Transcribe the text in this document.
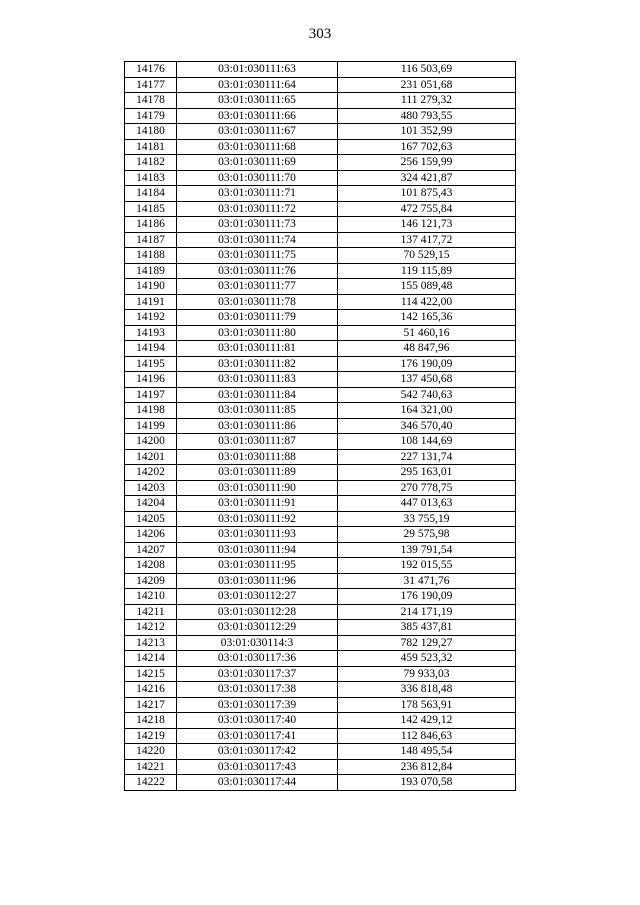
303
14176	03:01:030111:63	116 503,69
14177	03:01:030111:64	231 051,68
14178	03:01:030111:65	111 279,32
14179	03:01:030111:66	480 793,55
14180	03:01:030111:67	101 352,99
14181	03:01:030111:68	167 702,63
14182	03:01:030111:69	256 159,99
14183	03:01:030111:70	324 421,87
14184	03:01:030111:71	101 875,43
14185	03:01:030111:72	472 755,84
14186	03:01:030111:73	146 121,73
14187	03:01:030111:74	137 417,72
14188	03:01:030111:75	70 529,15
14189	03:01:030111:76	119 115,89
14190	03:01:030111:77	155 089,48
14191	03:01:030111:78	114 422,00
14192	03:01:030111:79	142 165,36
14193	03:01:030111:80	51 460,16
14194	03:01:030111:81	48 847,96
14195	03:01:030111:82	176 190,09
14196	03:01:030111:83	137 450,68
14197	03:01:030111:84	542 740,63
14198	03:01:030111:85	164 321,00
14199	03:01:030111:86	346 570,40
14200	03:01:030111:87	108 144,69
14201	03:01:030111:88	227 131,74
14202	03:01:030111:89	295 163,01
14203	03:01:030111:90	270 778,75
14204	03:01:030111:91	447 013,63
14205	03:01:030111:92	33 755,19
14206	03:01:030111:93	29 575,98
14207	03:01:030111:94	139 791,54
14208	03:01:030111:95	192 015,55
14209	03:01:030111:96	31 471,76
14210	03:01:030112:27	176 190,09
14211	03:01:030112:28	214 171,19
14212	03:01:030112:29	385 437,81
14213	03:01:030114:3	782 129,27
14214	03:01:030117:36	459 523,32
14215	03:01:030117:37	79 933,03
14216	03:01:030117:38	336 818,48
14217	03:01:030117:39	178 563,91
14218	03:01:030117:40	142 429,12
14219	03:01:030117:41	112 846,63
14220	03:01:030117:42	148 495,54
14221	03:01:030117:43	236 812,84
14222	03:01:030117:44	193 070,58
